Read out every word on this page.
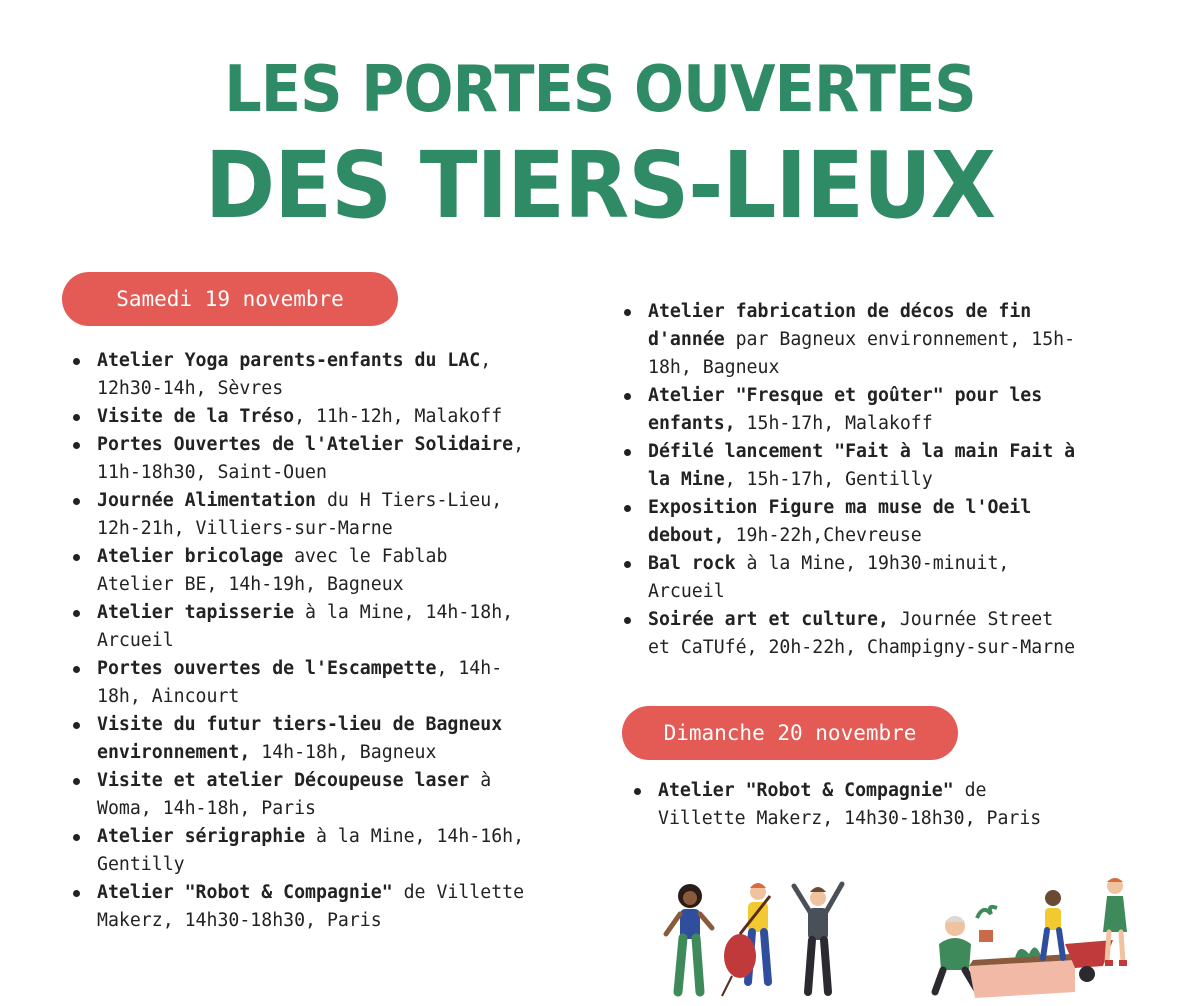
LES PORTES OUVERTES
DES TIERS-LIEUX
Samedi 19 novembre
Atelier Yoga parents-enfants du LAC,
12h30-14h, Sèvres
Visite de la Tréso, 11h-12h, Malakoff
Portes Ouvertes de l'Atelier Solidaire,
11h-18h30, Saint-Ouen
Journée Alimentation du H Tiers-Lieu,
12h-21h, Villiers-sur-Marne
Atelier bricolage avec le Fablab
Atelier BE, 14h-19h, Bagneux
Atelier tapisserie à la Mine, 14h-18h,
Arcueil
Portes ouvertes de l'Escampette, 14h-
18h, Aincourt
Visite du futur tiers-lieu de Bagneux
environnement, 14h-18h, Bagneux
Visite et atelier Découpeuse laser à
Woma, 14h-18h, Paris
Atelier sérigraphie à la Mine, 14h-16h,
Gentilly
Atelier "Robot & Compagnie" de Villette
Makerz, 14h30-18h30, Paris
Atelier fabrication de décos de fin
d'année par Bagneux environnement, 15h-
18h, Bagneux
Atelier "Fresque et goûter" pour les
enfants, 15h-17h, Malakoff
Défilé lancement "Fait à la main Fait à
la Mine, 15h-17h, Gentilly
Exposition Figure ma muse de l'Oeil
debout, 19h-22h,Chevreuse
Bal rock à la Mine, 19h30-minuit,
Arcueil
Soirée art et culture, Journée Street
et CaTUfé, 20h-22h, Champigny-sur-Marne
Dimanche 20 novembre
Atelier "Robot & Compagnie" de
Villette Makerz, 14h30-18h30, Paris
